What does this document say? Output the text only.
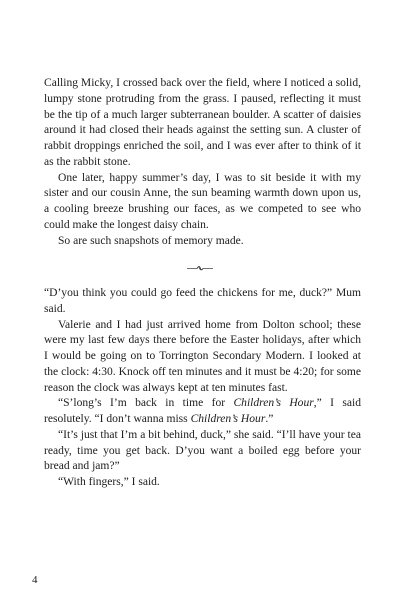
Calling Micky, I crossed back over the field, where I noticed a solid, lumpy stone protruding from the grass. I paused, reflecting it must be the tip of a much larger subterranean boulder. A scatter of daisies around it had closed their heads against the setting sun. A cluster of rabbit droppings enriched the soil, and I was ever after to think of it as the rabbit stone.

One later, happy summer’s day, I was to sit beside it with my sister and our cousin Anne, the sun beaming warmth down upon us, a cooling breeze brushing our faces, as we competed to see who could make the longest daisy chain.

So are such snapshots of memory made.

“D’you think you could go feed the chickens for me, duck?” Mum said.

Valerie and I had just arrived home from Dolton school; these were my last few days there before the Easter holidays, after which I would be going on to Torrington Secondary Modern. I looked at the clock: 4:30. Knock off ten minutes and it must be 4:20; for some reason the clock was always kept at ten minutes fast.

“S’long’s I’m back in time for Children’s Hour,” I said resolutely. “I don’t wanna miss Children’s Hour.”

“It’s just that I’m a bit behind, duck,” she said. “I’ll have your tea ready, time you get back. D’you want a boiled egg before your bread and jam?”

“With fingers,” I said.

4
